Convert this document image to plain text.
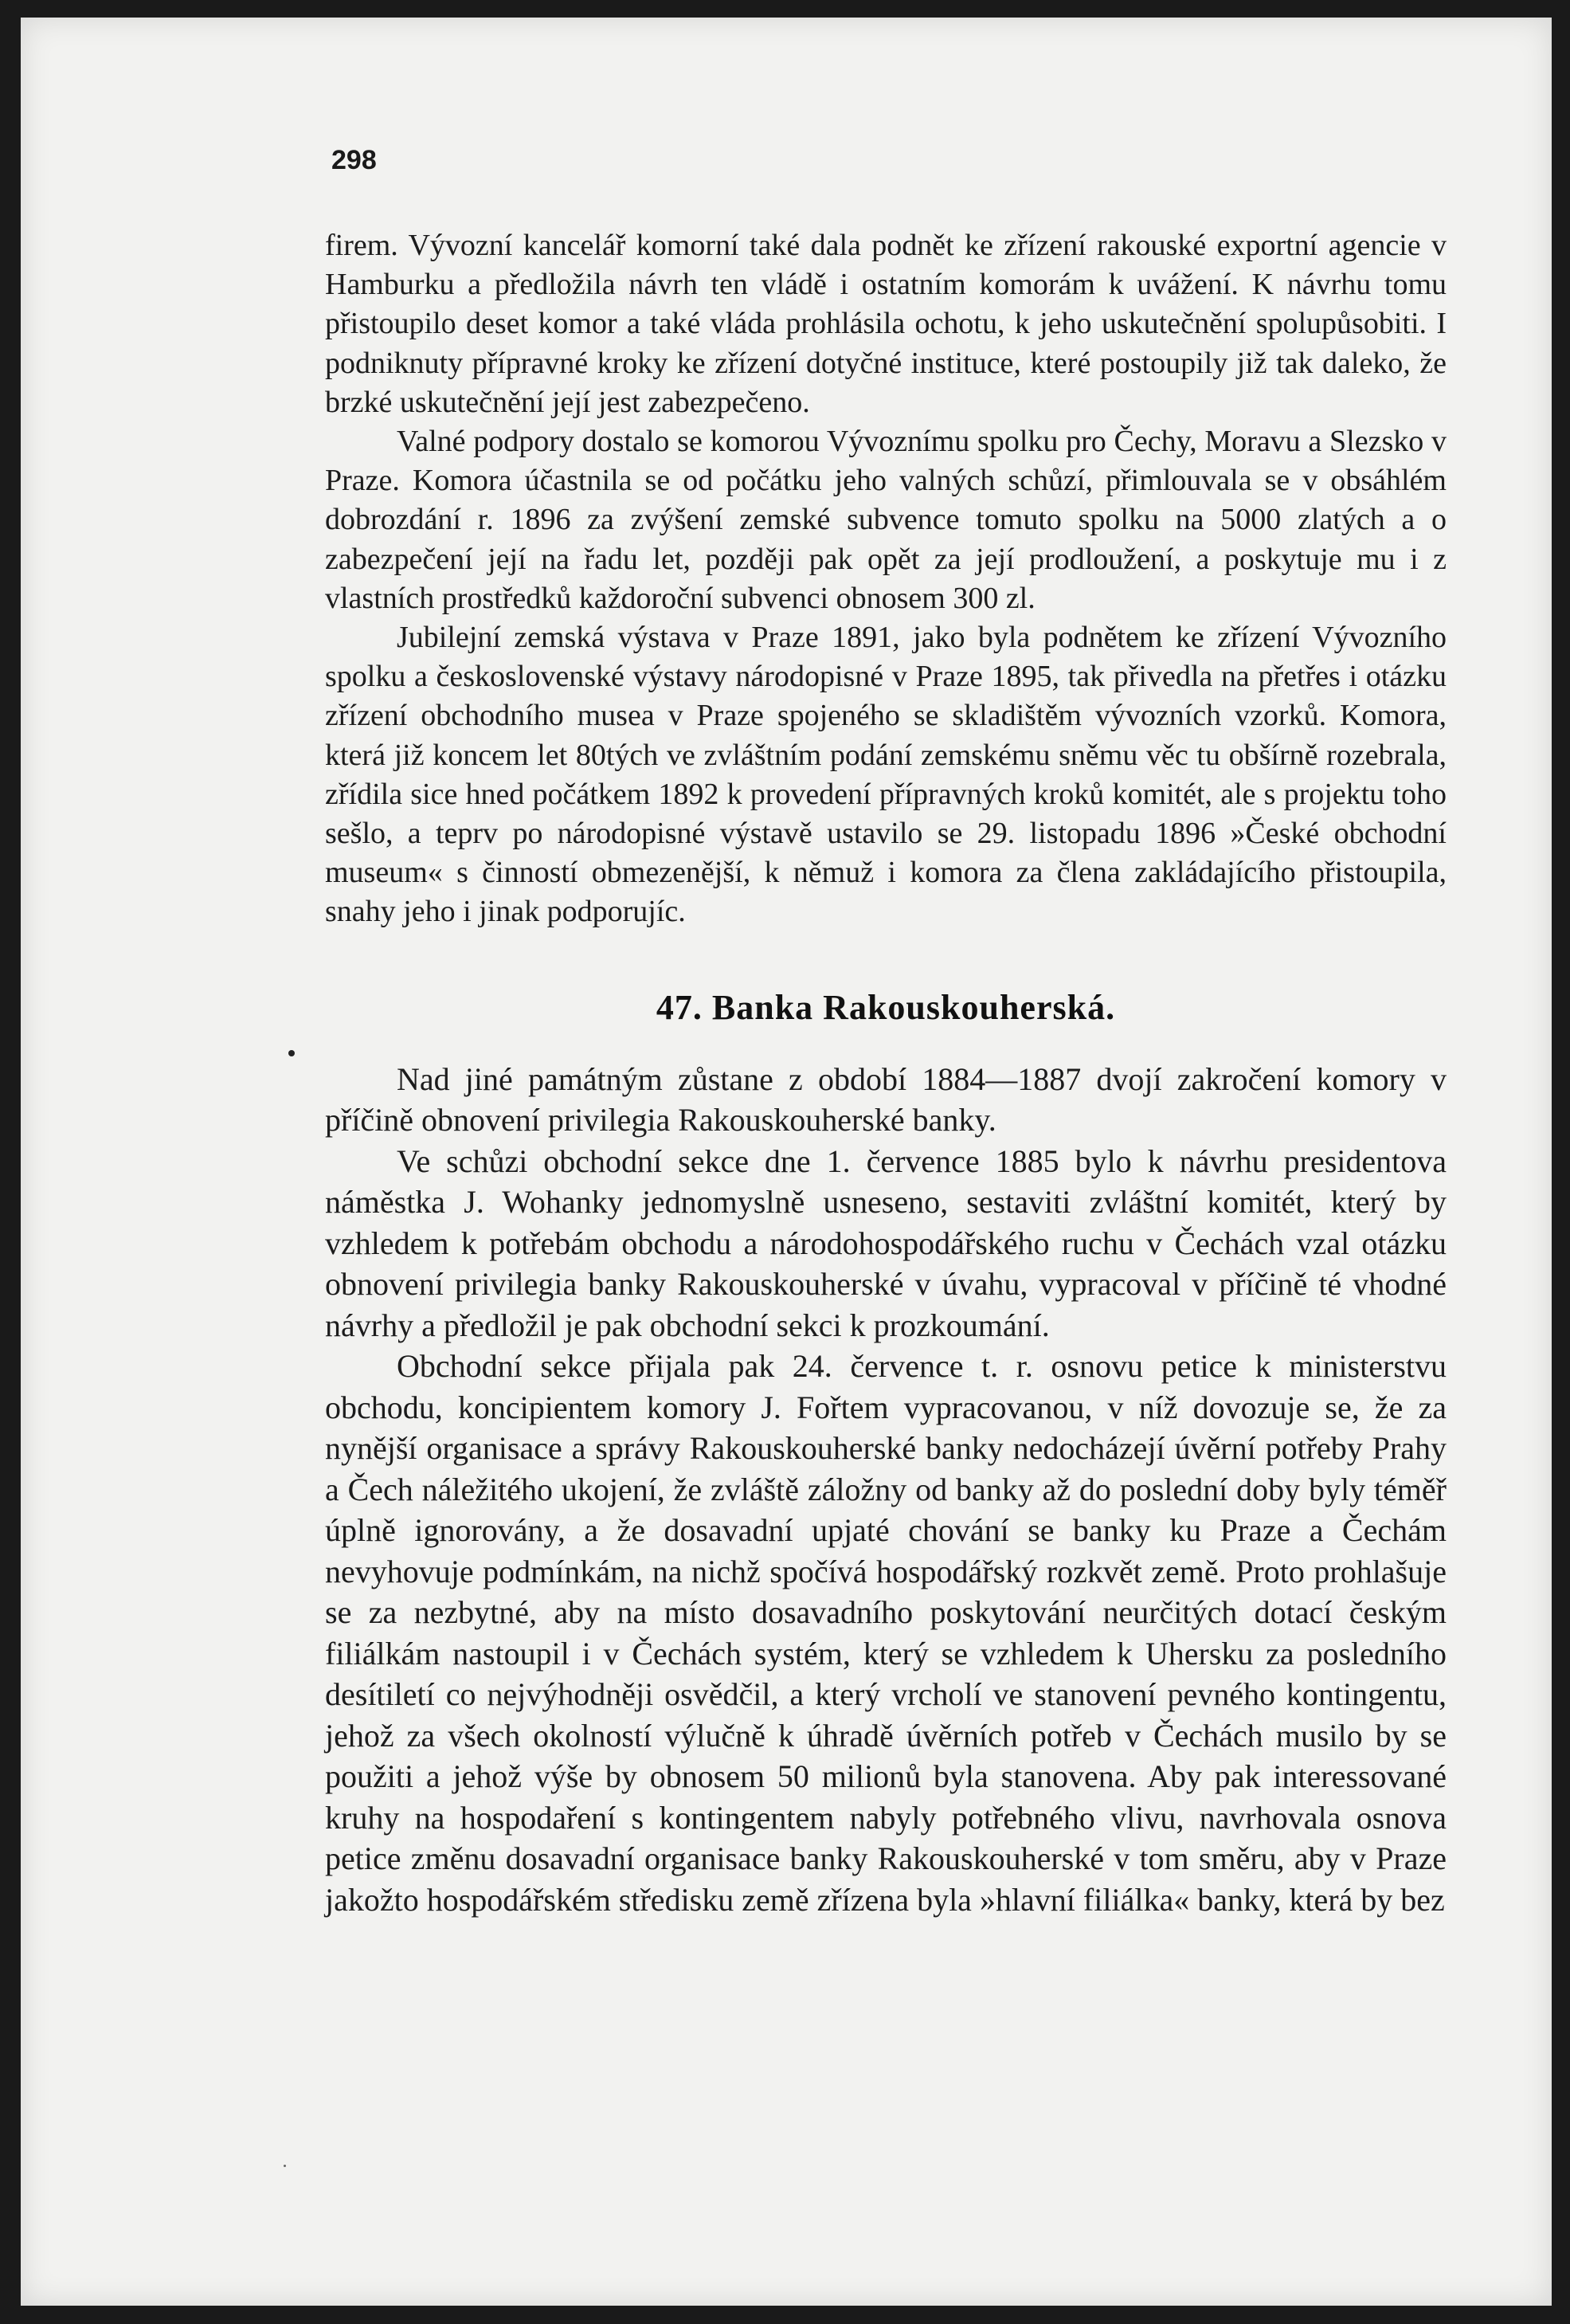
298

firem. Vývozní kancelář komorní také dala podnět ke zřízení rakouské exportní agencie v Hamburku a předložila návrh ten vládě i ostatním komorám k uvážení. K návrhu tomu přistoupilo deset komor a také vláda prohlásila ochotu, k jeho uskutečnění spolupůsobiti. I podniknuty přípravné kroky ke zřízení dotyčné instituce, které postoupily již tak daleko, že brzké uskutečnění její jest zabezpečeno.

Valné podpory dostalo se komorou Vývoznímu spolku pro Čechy, Moravu a Slezsko v Praze. Komora účastnila se od počátku jeho valných schůzí, přimlouvala se v obsáhlém dobrozdání r. 1896 za zvýšení zemské subvence tomuto spolku na 5000 zlatých a o zabezpečení její na řadu let, později pak opět za její prodloužení, a poskytuje mu i z vlastních prostředků každoroční subvenci obnosem 300 zl.

Jubilejní zemská výstava v Praze 1891, jako byla podnětem ke zřízení Vývozního spolku a československé výstavy národopisné v Praze 1895, tak přivedla na přetřes i otázku zřízení obchodního musea v Praze spojeného se skladištěm vývozních vzorků. Komora, která již koncem let 80tých ve zvláštním podání zemskému sněmu věc tu obšírně rozebrala, zřídila sice hned počátkem 1892 k provedení přípravných kroků komitét, ale s projektu toho sešlo, a teprv po národopisné výstavě ustavilo se 29. listopadu 1896 »České obchodní museum« s činností obmezenější, k němuž i komora za člena zakládajícího přistoupila, snahy jeho i jinak podporujíc.

47. Banka Rakouskouherská.

Nad jiné památným zůstane z období 1884—1887 dvojí zakročení komory v příčině obnovení privilegia Rakouskouherské banky.

Ve schůzi obchodní sekce dne 1. července 1885 bylo k návrhu presidentova náměstka J. Wohanky jednomyslně usneseno, sestaviti zvláštní komitét, který by vzhledem k potřebám obchodu a národohospodářského ruchu v Čechách vzal otázku obnovení privilegia banky Rakouskouherské v úvahu, vypracoval v příčině té vhodné návrhy a předložil je pak obchodní sekci k prozkoumání.

Obchodní sekce přijala pak 24. července t. r. osnovu petice k ministerstvu obchodu, koncipientem komory J. Fořtem vypracovanou, v níž dovozuje se, že za nynější organisace a správy Rakouskouherské banky nedocházejí úvěrní potřeby Prahy a Čech náležitého ukojení, že zvláště záložny od banky až do poslední doby byly téměř úplně ignorovány, a že dosavadní upjaté chování se banky ku Praze a Čechám nevyhovuje podmínkám, na nichž spočívá hospodářský rozkvět země. Proto prohlašuje se za nezbytné, aby na místo dosavadního poskytování neurčitých dotací českým filiálkám nastoupil i v Čechách systém, který se vzhledem k Uhersku za posledního desítiletí co nejvýhodněji osvědčil, a který vrcholí ve stanovení pevného kontingentu, jehož za všech okolností výlučně k úhradě úvěrních potřeb v Čechách musilo by se použiti a jehož výše by obnosem 50 milionů byla stanovena. Aby pak interessované kruhy na hospodaření s kontingentem nabyly potřebného vlivu, navrhovala osnova petice změnu dosavadní organisace banky Rakouskouherské v tom směru, aby v Praze jakožto hospodářském středisku země zřízena byla »hlavní filiálka« banky, která by bez
